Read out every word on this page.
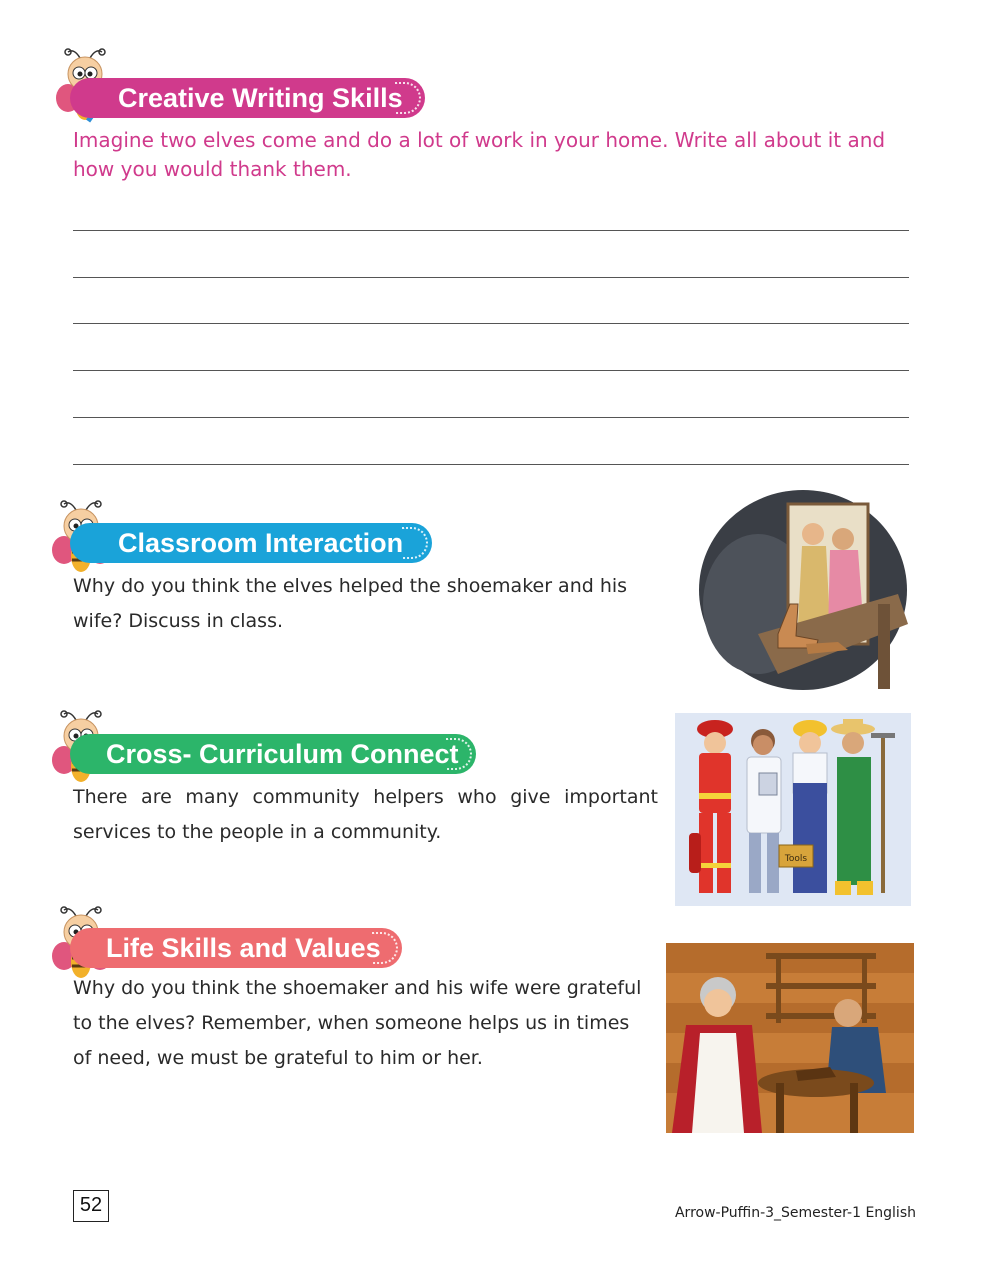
Creative Writing Skills

Imagine two elves come and do a lot of work in your home. Write all about it and how you would thank them.

Classroom Interaction

Why do you think the elves helped the shoemaker and his wife? Discuss in class.

Cross- Curriculum Connect

There are many community helpers who give important services to the people in a community.

Tools
Life Skills and Values

Why do you think the shoemaker and his wife were grateful to the elves? Remember, when someone helps us in times of need, we must be grateful to him or her.

52	Arrow-Puffin-3_Semester-1 English
